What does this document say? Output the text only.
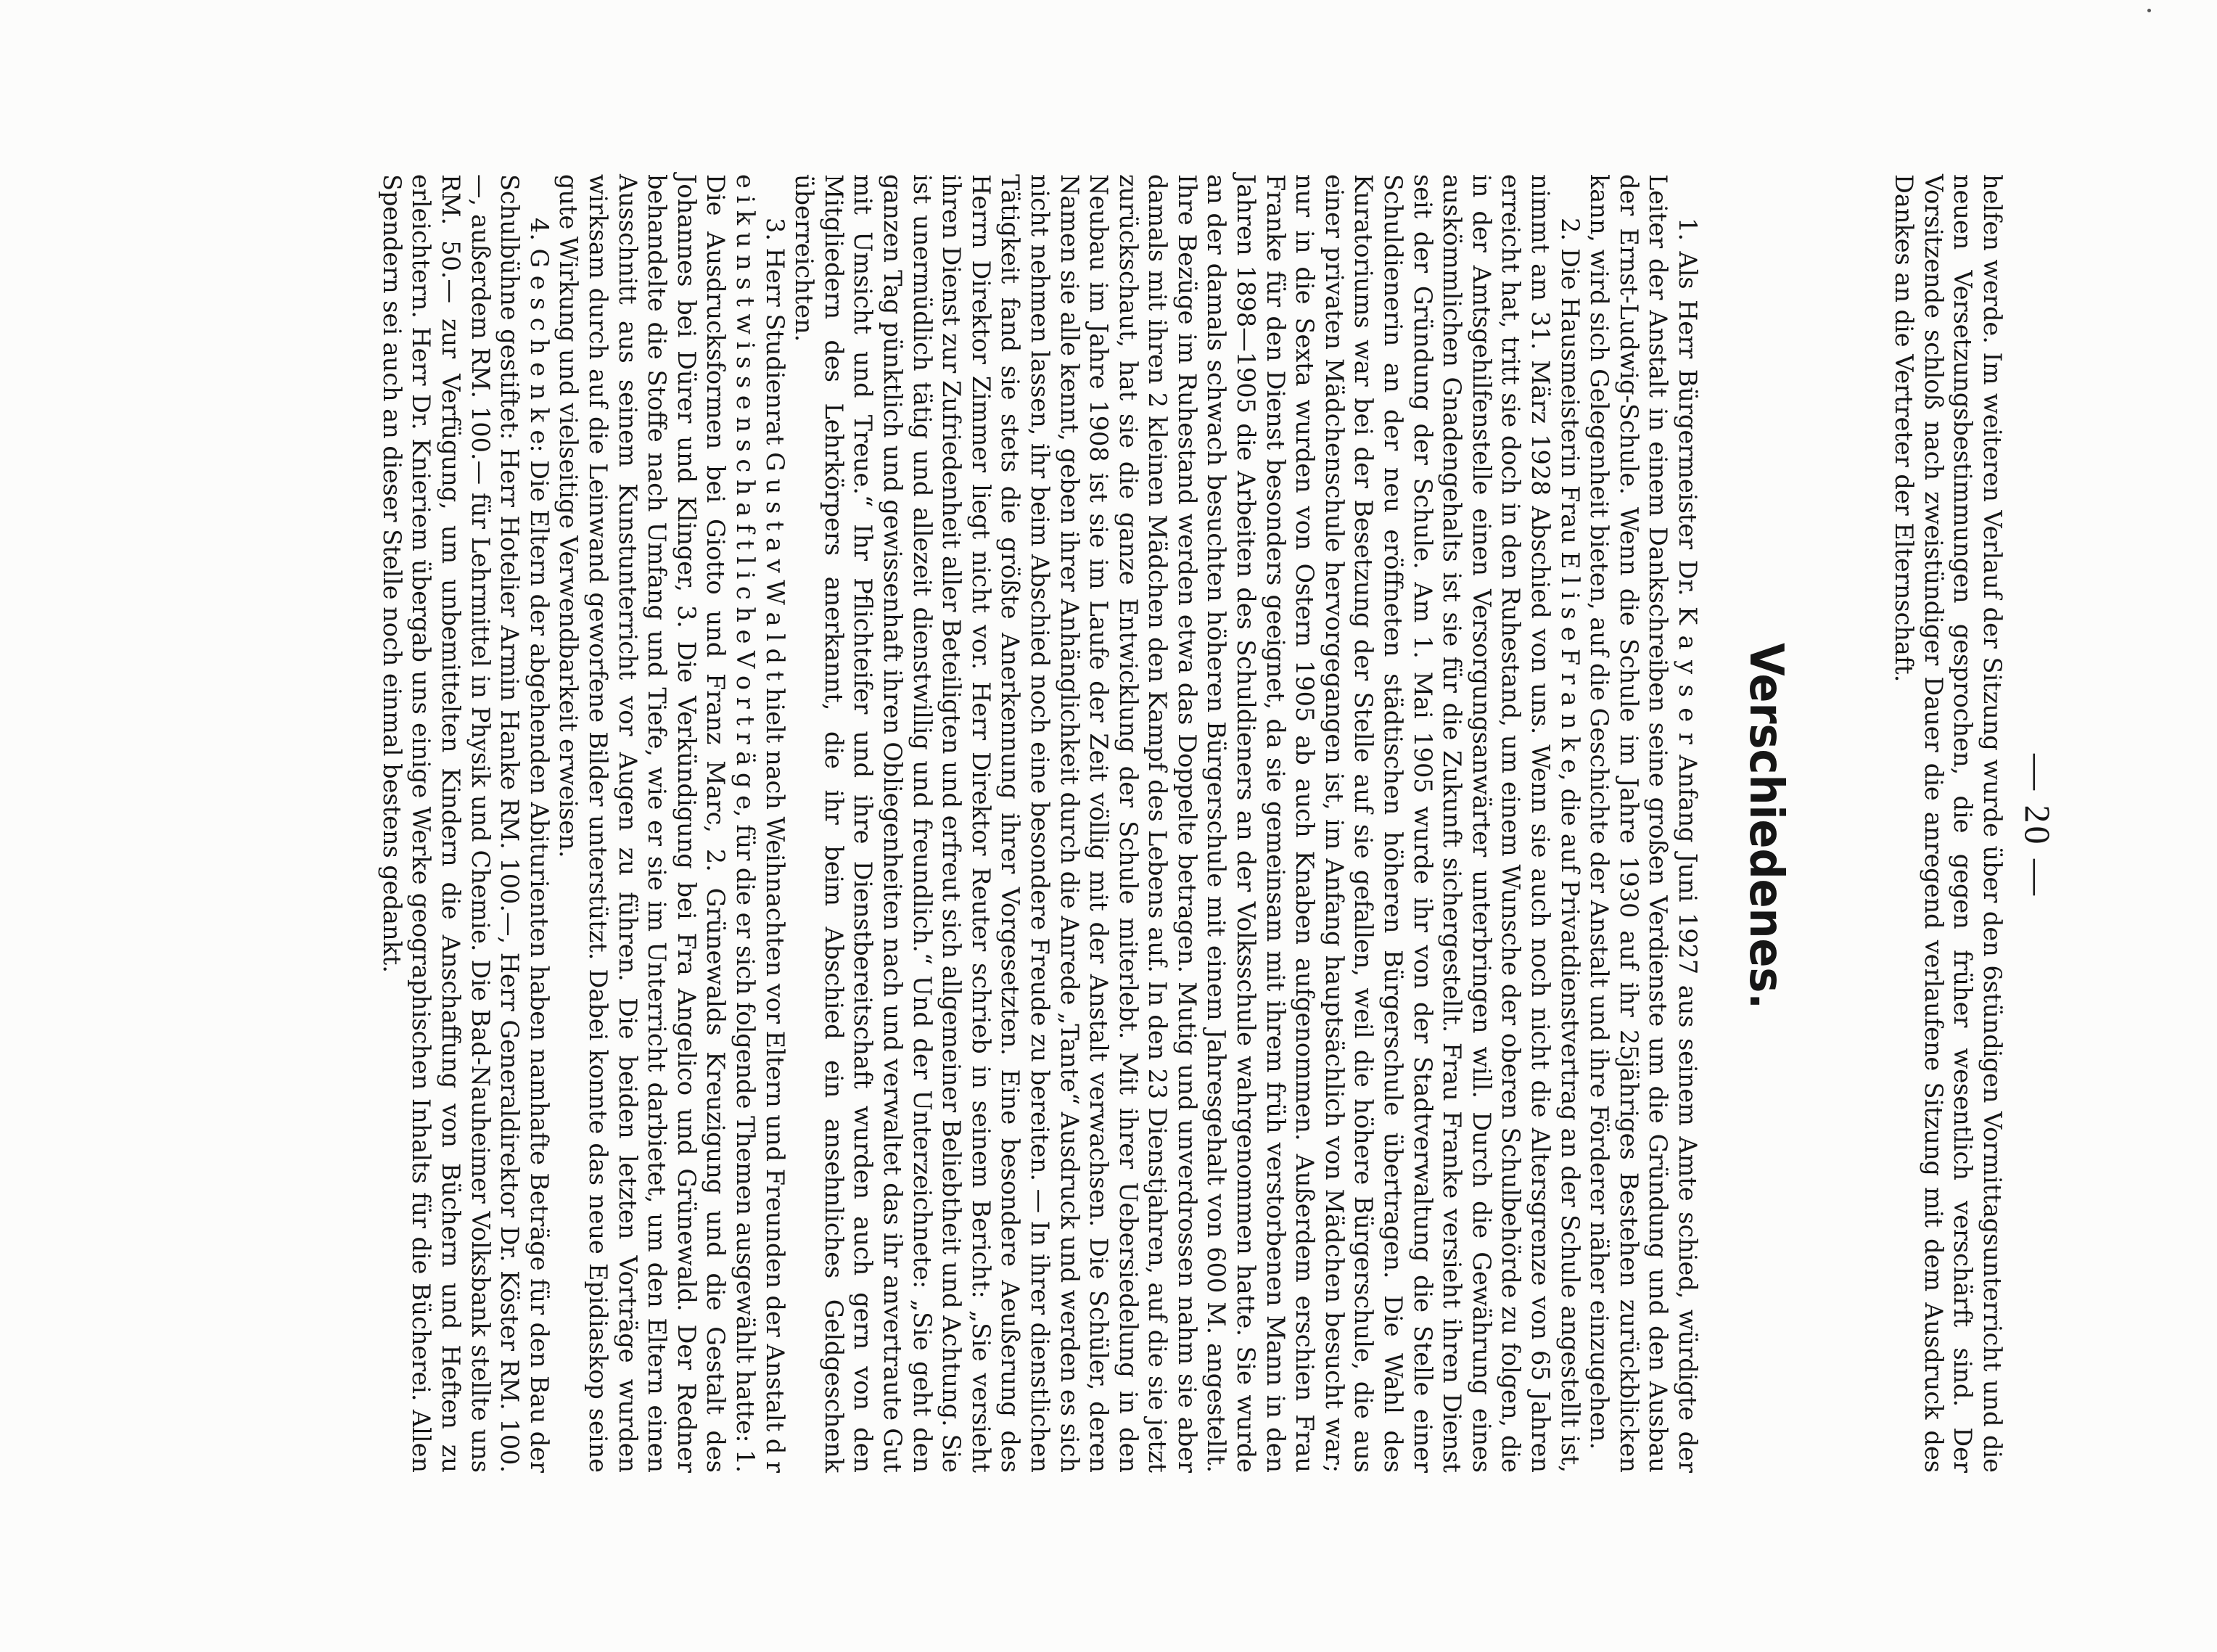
— 20 —

helfen werde. Im weiteren Verlauf der Sitzung wurde über den 6stündigen Vormittagsunterricht und die neuen Versetzungsbestimmungen gesprochen, die gegen früher wesentlich verschärft sind. Der Vorsitzende schloß nach zweistündiger Dauer die anregend verlaufene Sitzung mit dem Ausdruck des Dankes an die Vertreter der Elternschaft.

Verschiedenes.

1. Als Herr Bürgermeister Dr. K a y s e r Anfang Juni 1927 aus seinem Amte schied, würdigte der Leiter der Anstalt in einem Dankschreiben seine großen Verdienste um die Gründung und den Ausbau der Ernst-Ludwig-Schule. Wenn die Schule im Jahre 1930 auf ihr 25jähriges Bestehen zurückblicken kann, wird sich Gelegenheit bieten, auf die Geschichte der Anstalt und ihre Förderer näher einzugehen.

2. Die Hausmeisterin Frau E l i s e F r a n k e, die auf Privatdienstvertrag an der Schule angestellt ist, nimmt am 31. März 1928 Abschied von uns. Wenn sie auch noch nicht die Altersgrenze von 65 Jahren erreicht hat, tritt sie doch in den Ruhestand, um einem Wunsche der oberen Schulbehörde zu folgen, die in der Amtsgehilfenstelle einen Versorgungsanwärter unterbringen will. Durch die Gewährung eines auskömmlichen Gnadengehalts ist sie für die Zukunft sichergestellt. Frau Franke versieht ihren Dienst seit der Gründung der Schule. Am 1. Mai 1905 wurde ihr von der Stadtverwaltung die Stelle einer Schuldienerin an der neu eröffneten städtischen höheren Bürgerschule übertragen. Die Wahl des Kuratoriums war bei der Besetzung der Stelle auf sie gefallen, weil die höhere Bürgerschule, die aus einer privaten Mädchenschule hervorgegangen ist, im Anfang hauptsächlich von Mädchen besucht war; nur in die Sexta wurden von Ostern 1905 ab auch Knaben aufgenommen. Außerdem erschien Frau Franke für den Dienst besonders geeignet, da sie gemeinsam mit ihrem früh verstorbenen Mann in den Jahren 1898—1905 die Arbeiten des Schuldieners an der Volksschule wahrgenommen hatte. Sie wurde an der damals schwach besuchten höheren Bürgerschule mit einem Jahresgehalt von 600 M. angestellt. Ihre Bezüge im Ruhestand werden etwa das Doppelte betragen. Mutig und unverdrossen nahm sie aber damals mit ihren 2 kleinen Mädchen den Kampf des Lebens auf. In den 23 Dienstjahren, auf die sie jetzt zurückschaut, hat sie die ganze Entwicklung der Schule miterlebt. Mit ihrer Uebersiedelung in den Neubau im Jahre 1908 ist sie im Laufe der Zeit völlig mit der Anstalt verwachsen. Die Schüler, deren Namen sie alle kennt, geben ihrer Anhänglichkeit durch die Anrede „Tante“ Ausdruck und werden es sich nicht nehmen lassen, ihr beim Abschied noch eine besondere Freude zu bereiten. — In ihrer dienstlichen Tätigkeit fand sie stets die größte Anerkennung ihrer Vorgesetzten. Eine besondere Aeußerung des Herrn Direktor Zimmer liegt nicht vor. Herr Direktor Reuter schrieb in seinem Bericht: „Sie versieht ihren Dienst zur Zufriedenheit aller Beteiligten und erfreut sich allgemeiner Beliebtheit und Achtung. Sie ist unermüdlich tätig und allezeit dienstwillig und freundlich.“ Und der Unterzeichnete: „Sie geht den ganzen Tag pünktlich und gewissenhaft ihren Obliegenheiten nach und verwaltet das ihr anvertraute Gut mit Umsicht und Treue.“ Ihr Pflichteifer und ihre Dienstbereitschaft wurden auch gern von den Mitgliedern des Lehrkörpers anerkannt, die ihr beim Abschied ein ansehnliches Geldgeschenk überreichten.

3. Herr Studienrat G u s t a v W a l d t hielt nach Weihnachten vor Eltern und Freunden der Anstalt d r e i k u n s t w i s s e n s c h a f t l i c h e V o r t r ä g e, für die er sich folgende Themen ausgewählt hatte: 1. Die Ausdrucksformen bei Giotto und Franz Marc, 2. Grünewalds Kreuzigung und die Gestalt des Johannes bei Dürer und Klinger, 3. Die Verkündigung bei Fra Angelico und Grünewald. Der Redner behandelte die Stoffe nach Umfang und Tiefe, wie er sie im Unterricht darbietet, um den Eltern einen Ausschnitt aus seinem Kunstunterricht vor Augen zu führen. Die beiden letzten Vorträge wurden wirksam durch auf die Leinwand geworfene Bilder unterstützt. Dabei konnte das neue Epidiaskop seine gute Wirkung und vielseitige Verwendbarkeit erweisen.

4. G e s c h e n k e: Die Eltern der abgehenden Abiturienten haben namhafte Beträge für den Bau der Schulbühne gestiftet: Herr Hotelier Armin Hanke RM. 100.—, Herr Generaldirektor Dr. Köster RM. 100.—, außerdem RM. 100.— für Lehrmittel in Physik und Chemie. Die Bad-Nauheimer Volksbank stellte uns RM. 50.— zur Verfügung, um unbemittelten Kindern die Anschaffung von Büchern und Heften zu erleichtern. Herr Dr. Knieriem übergab uns einige Werke geographischen Inhalts für die Bücherei. Allen Spendern sei auch an dieser Stelle noch einmal bestens gedankt.
